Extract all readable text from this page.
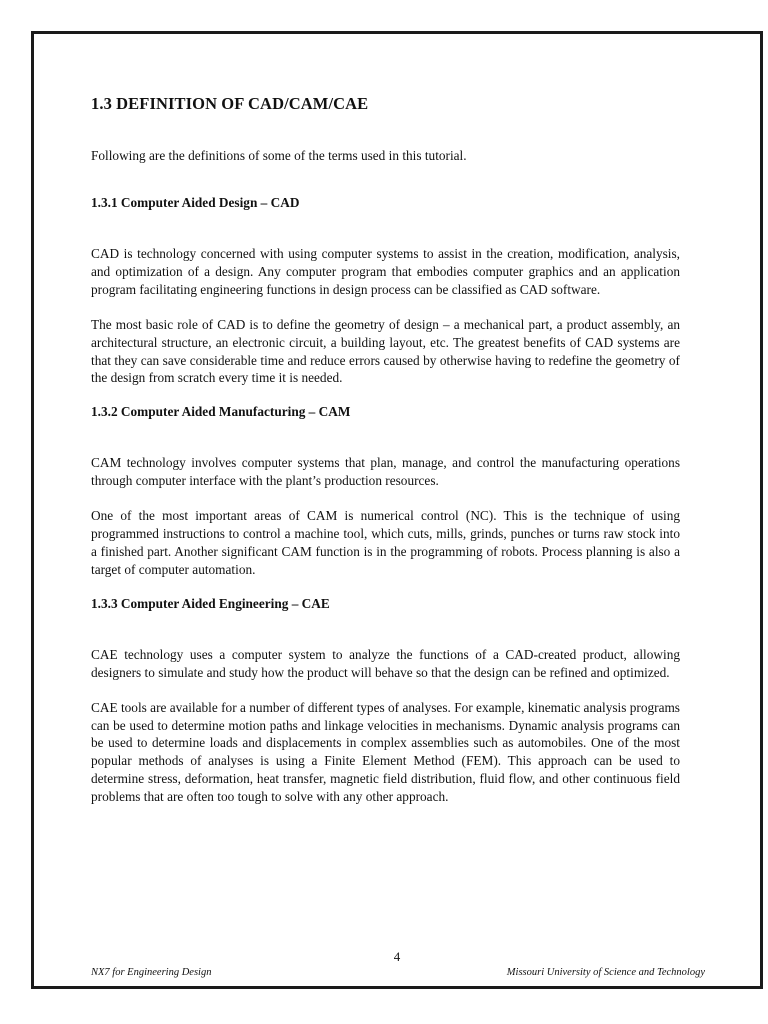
1.3 DEFINITION OF CAD/CAM/CAE
Following are the definitions of some of the terms used in this tutorial.
1.3.1 Computer Aided Design – CAD

CAD is technology concerned with using computer systems to assist in the creation, modification, analysis, and optimization of a design. Any computer program that embodies computer graphics and an application program facilitating engineering functions in design process can be classified as CAD software.

The most basic role of CAD is to define the geometry of design – a mechanical part, a product assembly, an architectural structure, an electronic circuit, a building layout, etc. The greatest benefits of CAD systems are that they can save considerable time and reduce errors caused by otherwise having to redefine the geometry of the design from scratch every time it is needed.

1.3.2 Computer Aided Manufacturing – CAM

CAM technology involves computer systems that plan, manage, and control the manufacturing operations through computer interface with the plant’s production resources.

One of the most important areas of CAM is numerical control (NC). This is the technique of using programmed instructions to control a machine tool, which cuts, mills, grinds, punches or turns raw stock into a finished part. Another significant CAM function is in the programming of robots. Process planning is also a target of computer automation.

1.3.3 Computer Aided Engineering – CAE

CAE technology uses a computer system to analyze the functions of a CAD-created product, allowing designers to simulate and study how the product will behave so that the design can be refined and optimized.

CAE tools are available for a number of different types of analyses. For example, kinematic analysis programs can be used to determine motion paths and linkage velocities in mechanisms. Dynamic analysis programs can be used to determine loads and displacements in complex assemblies such as automobiles. One of the most popular methods of analyses is using a Finite Element Method (FEM). This approach can be used to determine stress, deformation, heat transfer, magnetic field distribution, fluid flow, and other continuous field problems that are often too tough to solve with any other approach.

4
NX7 for Engineering Design	Missouri University of Science and Technology
